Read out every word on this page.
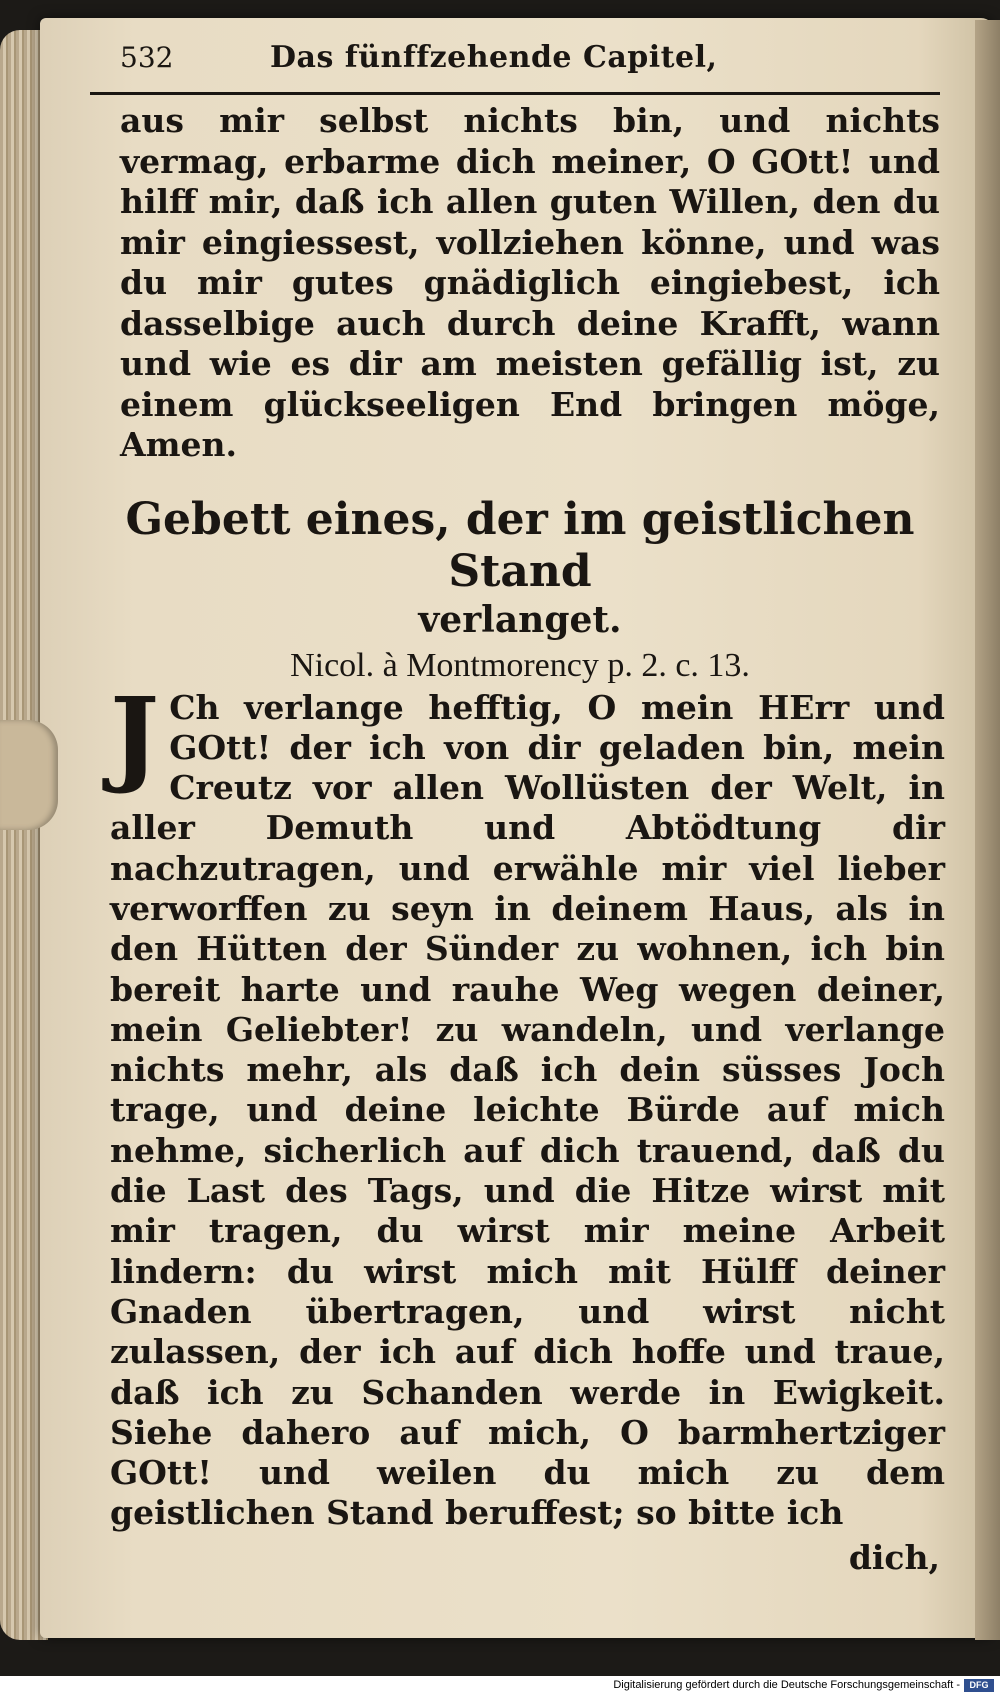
532	Das fünffzehende Capitel,
aus mir selbst nichts bin, und nichts vermag, erbarme dich meiner, O GOtt! und hilff mir, daß ich allen guten Willen, den du mir eingiessest, vollziehen könne, und was du mir gutes gnädiglich eingiebest, ich dasselbige auch durch deine Krafft, wann und wie es dir am meisten gefällig ist, zu einem glückseeligen End bringen möge, Amen.
Gebett eines, der im geistlichen Stand
verlanget.
Nicol. à Montmorency p. 2. c. 13.
J Ch verlange hefftig, O mein HErr und GOtt! der ich von dir geladen bin, mein Creutz vor allen Wollüsten der Welt, in aller Demuth und Abtödtung dir nachzutragen, und erwähle mir viel lieber verworffen zu seyn in deinem Haus, als in den Hütten der Sünder zu wohnen, ich bin bereit harte und rauhe Weg wegen deiner, mein Geliebter! zu wandeln, und verlange nichts mehr, als daß ich dein süsses Joch trage, und deine leichte Bürde auf mich nehme, sicherlich auf dich trauend, daß du die Last des Tags, und die Hitze wirst mit mir tragen, du wirst mir meine Arbeit lindern: du wirst mich mit Hülff deiner Gnaden übertragen, und wirst nicht zulassen, der ich auf dich hoffe und traue, daß ich zu Schanden werde in Ewigkeit. Siehe dahero auf mich, O barmhertziger GOtt! und weilen du mich zu dem geistlichen Stand beruffest; so bitte ich
dich,
Digitalisierung gefördert durch die Deutsche Forschungsgemeinschaft -	DFG
